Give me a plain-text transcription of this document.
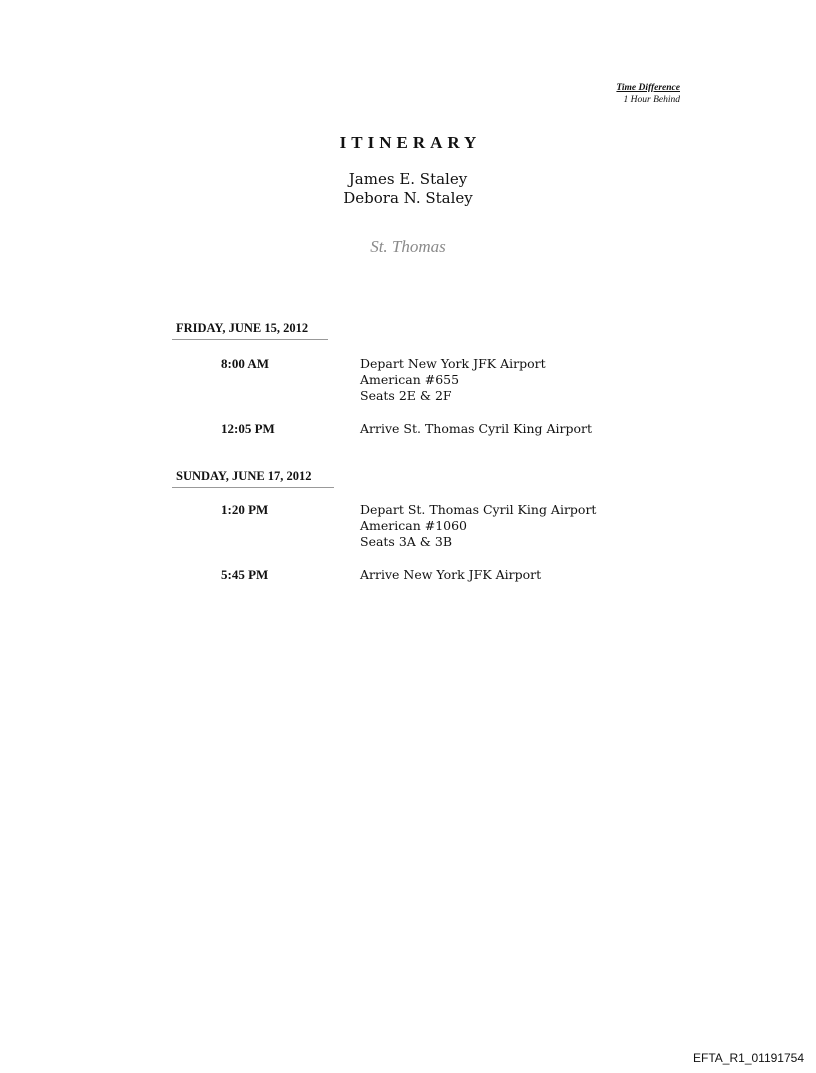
Time Difference
1 Hour Behind
ITINERARY
James E. Staley
Debora N. Staley
St. Thomas
FRIDAY, JUNE 15, 2012
8:00 AM	Depart New York JFK Airport
American #655
Seats 2E & 2F
12:05 PM	Arrive St. Thomas Cyril King Airport
SUNDAY, JUNE 17, 2012
1:20 PM	Depart St. Thomas Cyril King Airport
American #1060
Seats 3A & 3B
5:45 PM	Arrive New York JFK Airport
EFTA_R1_01191754
